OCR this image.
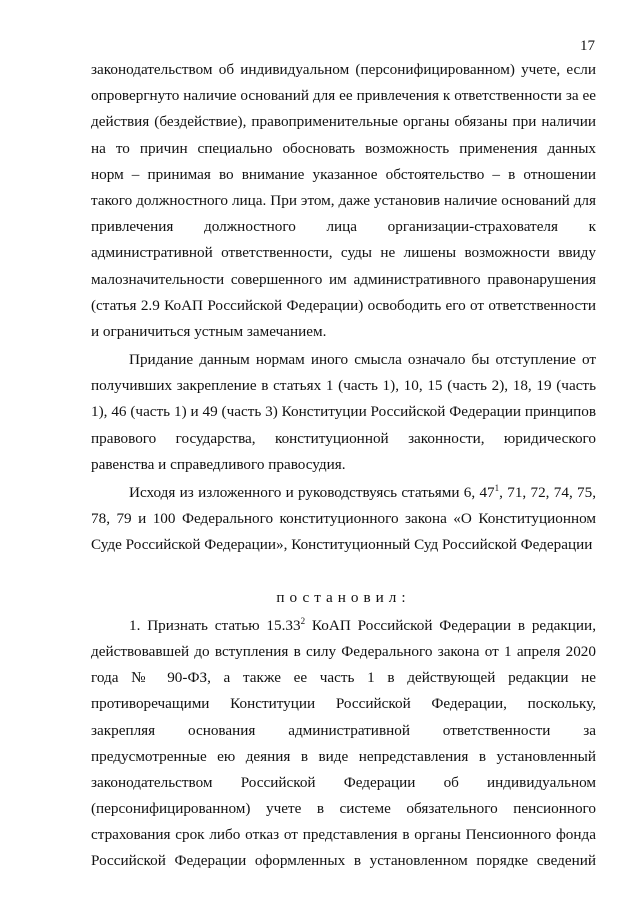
17
законодательством об индивидуальном (персонифицированном) учете, если
опровергнуто наличие оснований для ее привлечения к ответственности за ее
действия (бездействие), правоприменительные органы обязаны при наличии
на то причин специально обосновать возможность применения данных
норм – принимая во внимание указанное обстоятельство – в отношении
такого должностного лица. При этом, даже установив наличие оснований для
привлечения должностного лица организации-страхователя к
административной ответственности, суды не лишены возможности ввиду
малозначительности совершенного им административного правонарушения
(статья 2.9 КоАП Российской Федерации) освободить его от ответственности
и ограничиться устным замечанием.
Придание данным нормам иного смысла означало бы отступление от
получивших закрепление в статьях 1 (часть 1), 10, 15 (часть 2), 18, 19 (часть
1), 46 (часть 1) и 49 (часть 3) Конституции Российской Федерации принципов
правового государства, конституционной законности, юридического
равенства и справедливого правосудия.
Исходя из изложенного и руководствуясь статьями 6, $47^1$, 71, 72, 74, 75,
78, 79 и 100 Федерального конституционного закона «О Конституционном
Суде Российской Федерации», Конституционный Суд Российской Федерации
постановил:
1. Признать статью 15.33$^2$ КоАП Российской Федерации в редакции,
действовавшей до вступления в силу Федерального закона от 1 апреля 2020
года № 90-ФЗ, а также ее часть 1 в действующей редакции не
противоречащими Конституции Российской Федерации, поскольку,
закрепляя основания административной ответственности за
предусмотренные ею деяния в виде непредставления в установленный
законодательством Российской Федерации об индивидуальном
(персонифицированном) учете в системе обязательного пенсионного
страхования срок либо отказ от представления в органы Пенсионного фонда
Российской Федерации оформленных в установленном порядке сведений
